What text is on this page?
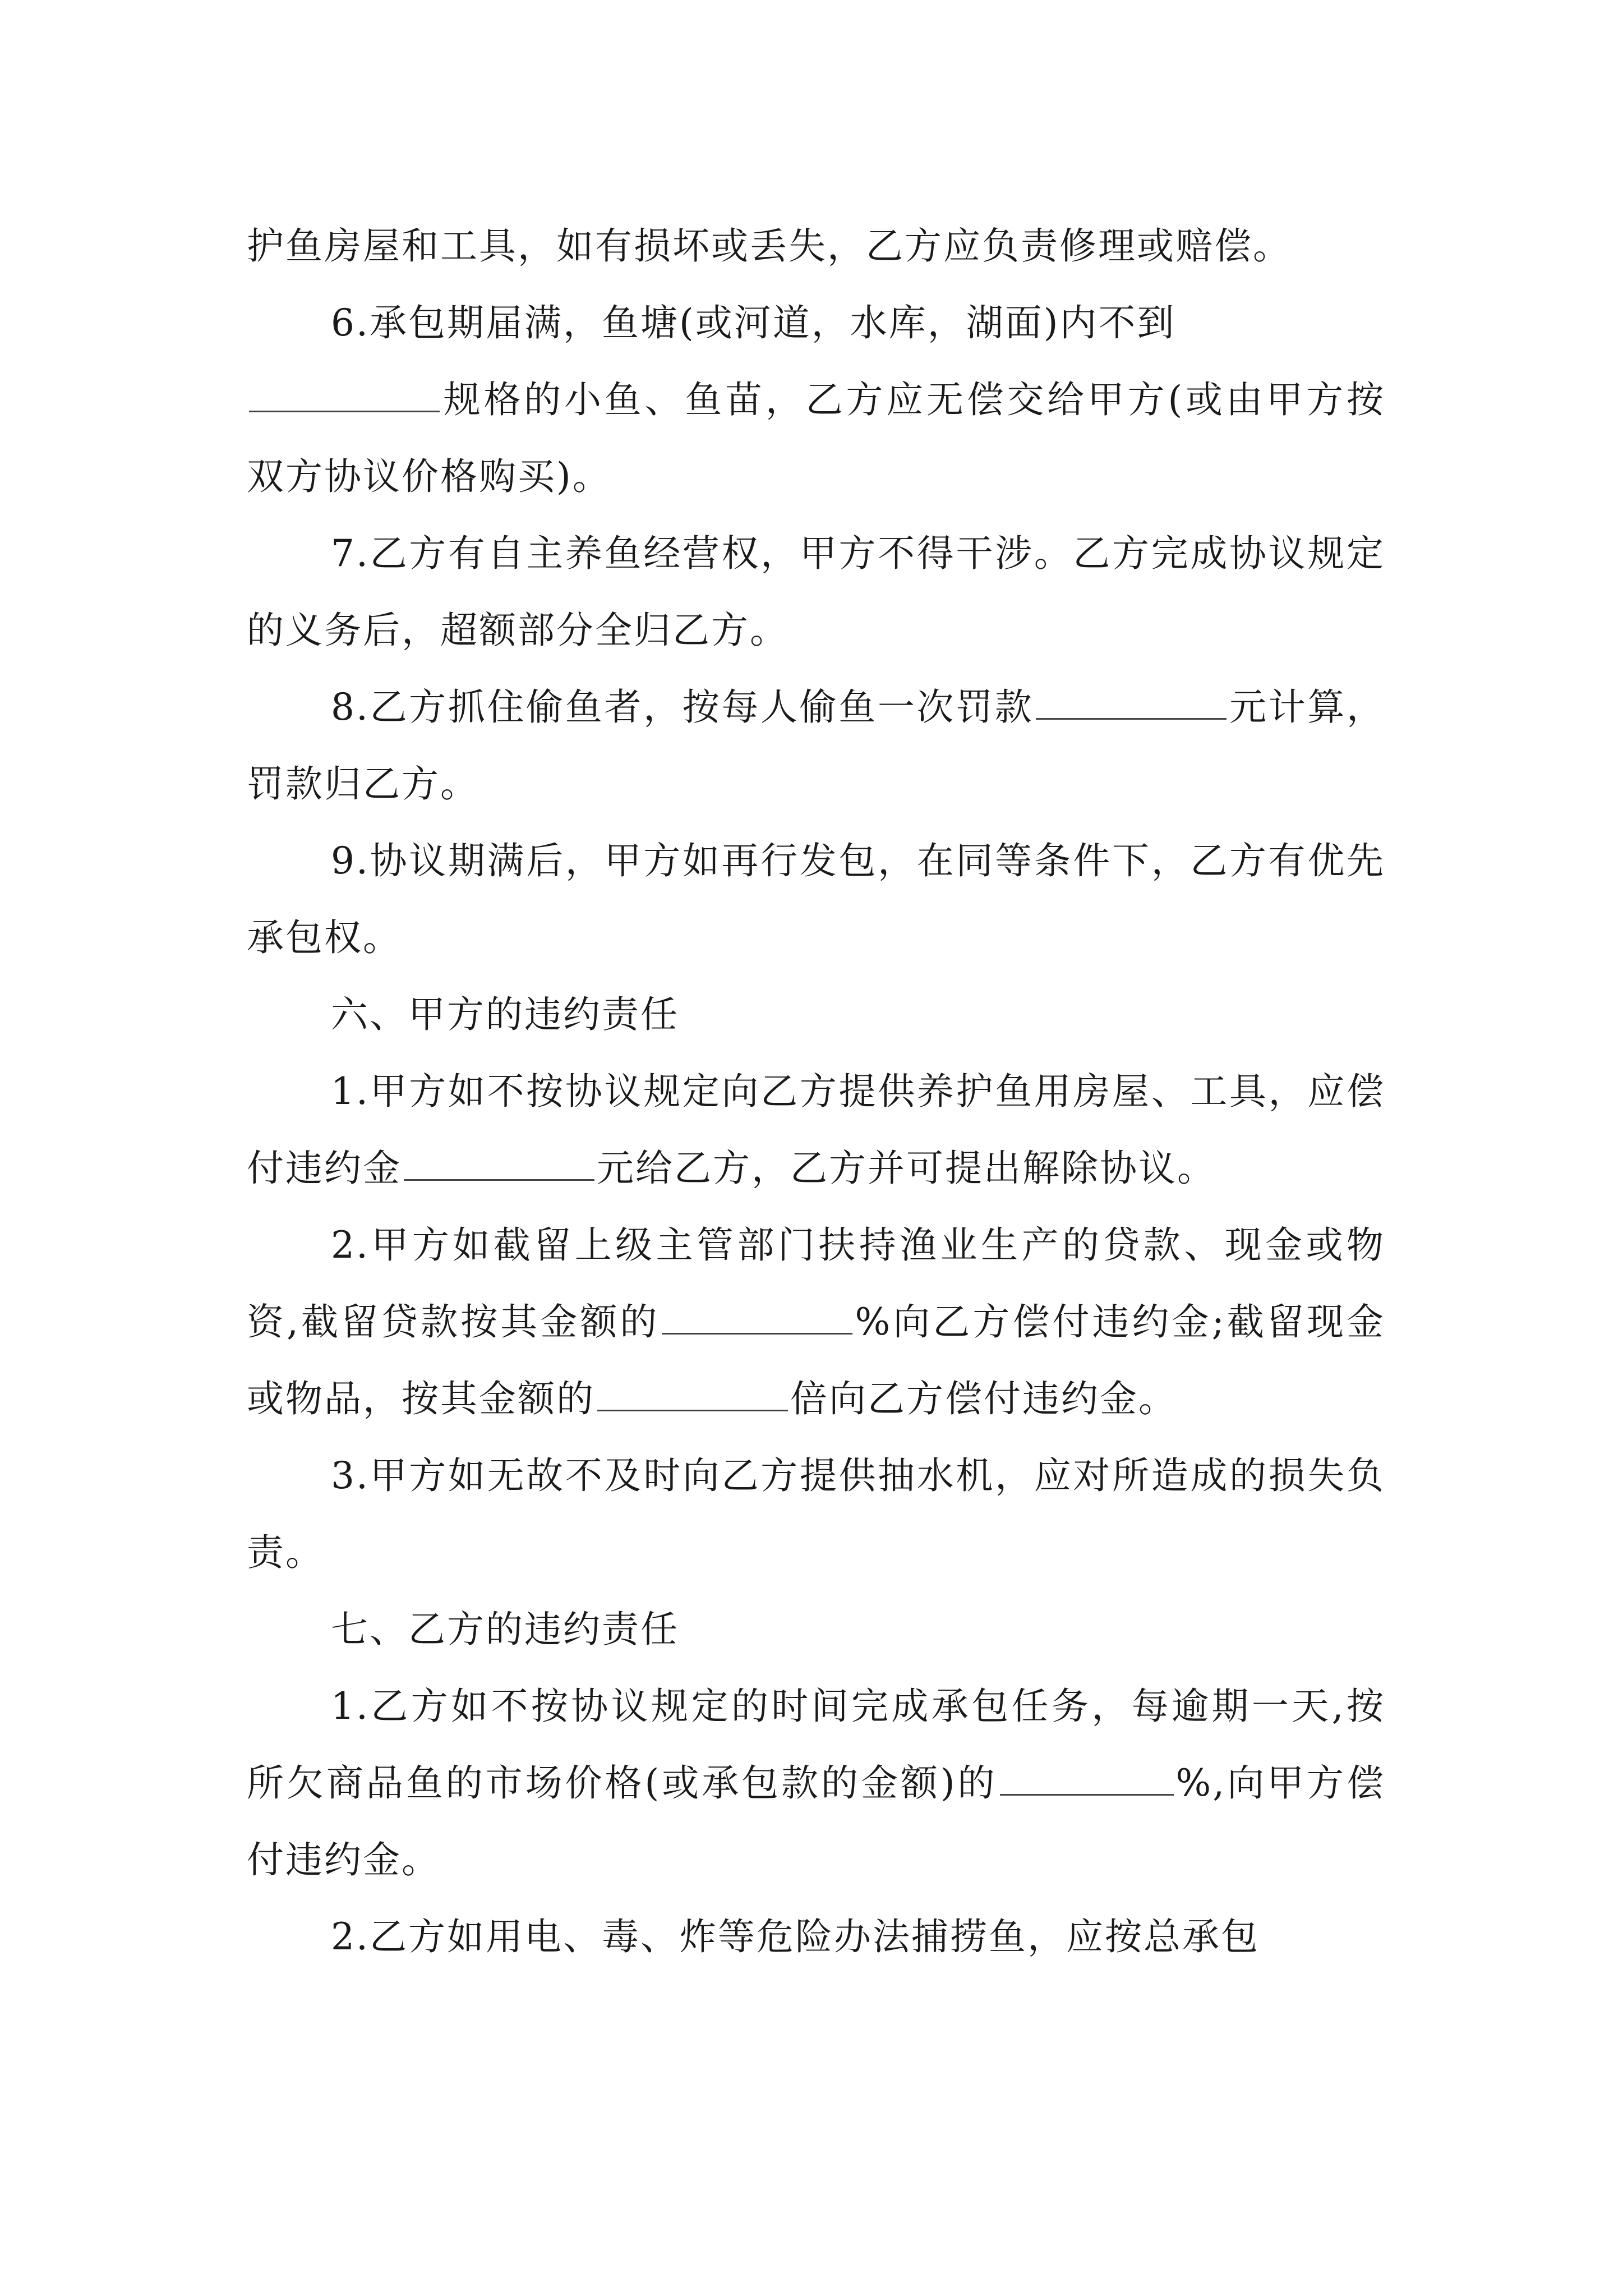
护鱼房屋和工具，如有损坏或丢失，乙方应负责修理或赔偿。

6.承包期届满，鱼塘(或河道，水库，湖面)内不到
规格的小鱼、鱼苗，乙方应无偿交给甲方(或由甲方按双方协议价格购买)。

7.乙方有自主养鱼经营权，甲方不得干涉。乙方完成协议规定的义务后，超额部分全归乙方。

8.乙方抓住偷鱼者，按每人偷鱼一次罚款	元计算，罚款归乙方。

9.协议期满后，甲方如再行发包，在同等条件下，乙方有优先承包权。

六、甲方的违约责任

1.甲方如不按协议规定向乙方提供养护鱼用房屋、工具，应偿付违约金	元给乙方，乙方并可提出解除协议。

2.甲方如截留上级主管部门扶持渔业生产的贷款、现金或物资,截留贷款按其金额的	%向乙方偿付违约金;截留现金或物品，按其金额的	倍向乙方偿付违约金。

3.甲方如无故不及时向乙方提供抽水机，应对所造成的损失负责。

七、乙方的违约责任

1.乙方如不按协议规定的时间完成承包任务，每逾期一天,按所欠商品鱼的市场价格(或承包款的金额)的	%,向甲方偿付违约金。

2.乙方如用电、毒、炸等危险办法捕捞鱼，应按总承包
